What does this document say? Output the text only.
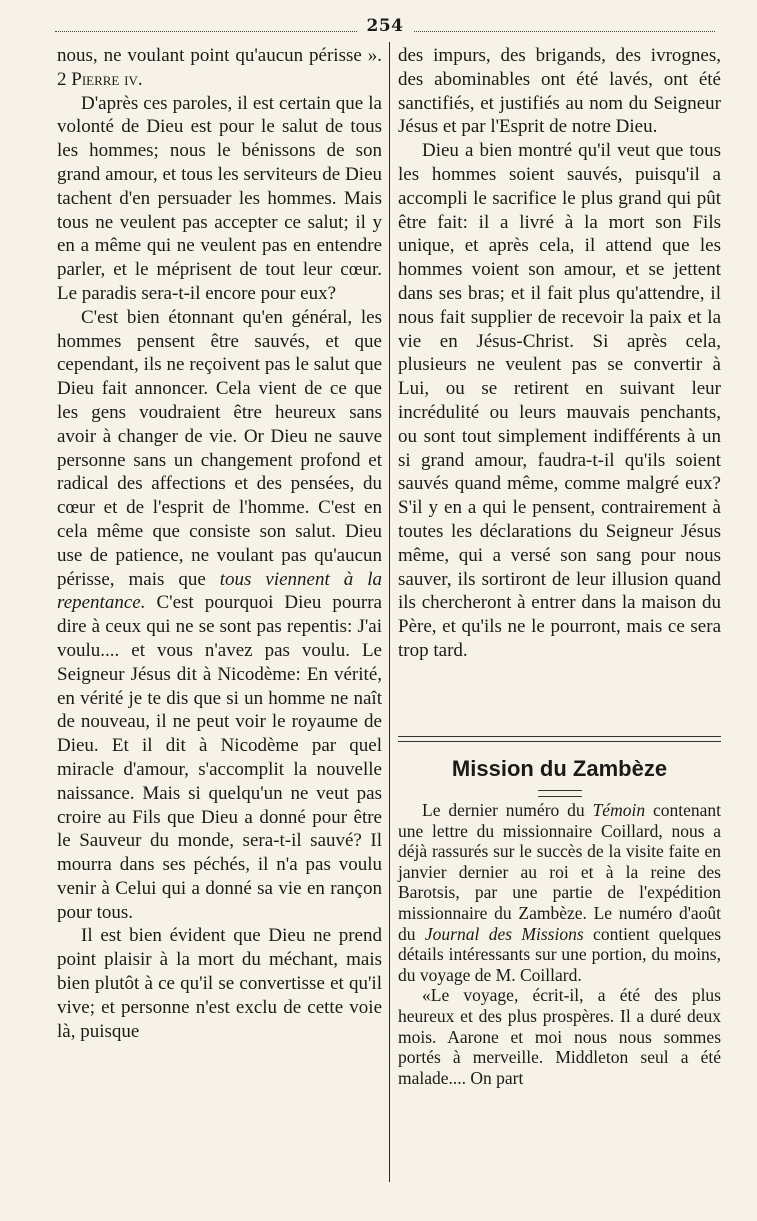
254

nous, ne voulant point qu'aucun périsse ». 2 Pierre iv.

D'après ces paroles, il est certain que la volonté de Dieu est pour le salut de tous les hommes; nous le bénissons de son grand amour, et tous les serviteurs de Dieu tachent d'en persuader les hommes. Mais tous ne veulent pas accepter ce salut; il y en a même qui ne veulent pas en entendre parler, et le méprisent de tout leur cœur. Le paradis sera-t-il encore pour eux?

C'est bien étonnant qu'en général, les hommes pensent être sauvés, et que cependant, ils ne reçoivent pas le salut que Dieu fait annoncer. Cela vient de ce que les gens voudraient être heureux sans avoir à changer de vie. Or Dieu ne sauve personne sans un changement profond et radical des affections et des pensées, du cœur et de l'esprit de l'homme. C'est en cela même que consiste son salut. Dieu use de patience, ne voulant pas qu'aucun périsse, mais que tous viennent à la repentance. C'est pourquoi Dieu pourra dire à ceux qui ne se sont pas repentis: J'ai voulu.... et vous n'avez pas voulu. Le Seigneur Jésus dit à Nicodème: En vérité, en vérité je te dis que si un homme ne naît de nouveau, il ne peut voir le royaume de Dieu. Et il dit à Nicodème par quel miracle d'amour, s'accomplit la nouvelle naissance. Mais si quelqu'un ne veut pas croire au Fils que Dieu a donné pour être le Sauveur du monde, sera-t-il sauvé? Il mourra dans ses péchés, il n'a pas voulu venir à Celui qui a donné sa vie en rançon pour tous.

Il est bien évident que Dieu ne prend point plaisir à la mort du méchant, mais bien plutôt à ce qu'il se convertisse et qu'il vive; et personne n'est exclu de cette voie là, puisque

des impurs, des brigands, des ivrognes, des abominables ont été lavés, ont été sanctifiés, et justifiés au nom du Seigneur Jésus et par l'Esprit de notre Dieu.

Dieu a bien montré qu'il veut que tous les hommes soient sauvés, puisqu'il a accompli le sacrifice le plus grand qui pût être fait: il a livré à la mort son Fils unique, et après cela, il attend que les hommes voient son amour, et se jettent dans ses bras; et il fait plus qu'attendre, il nous fait supplier de recevoir la paix et la vie en Jésus-Christ. Si après cela, plusieurs ne veulent pas se convertir à Lui, ou se retirent en suivant leur incrédulité ou leurs mauvais penchants, ou sont tout simplement indifférents à un si grand amour, faudra-t-il qu'ils soient sauvés quand même, comme malgré eux? S'il y en a qui le pensent, contrairement à toutes les déclarations du Seigneur Jésus même, qui a versé son sang pour nous sauver, ils sortiront de leur illusion quand ils chercheront à entrer dans la maison du Père, et qu'ils ne le pourront, mais ce sera trop tard.

Mission du Zambèze

Le dernier numéro du Témoin contenant une lettre du missionnaire Coillard, nous a déjà rassurés sur le succès de la visite faite en janvier dernier au roi et à la reine des Barotsis, par une partie de l'expédition missionnaire du Zambèze. Le numéro d'août du Journal des Missions contient quelques détails intéressants sur une portion, du moins, du voyage de M. Coillard.

«Le voyage, écrit-il, a été des plus heureux et des plus prospères. Il a duré deux mois. Aarone et moi nous nous sommes portés à merveille. Middleton seul a été malade.... On part
